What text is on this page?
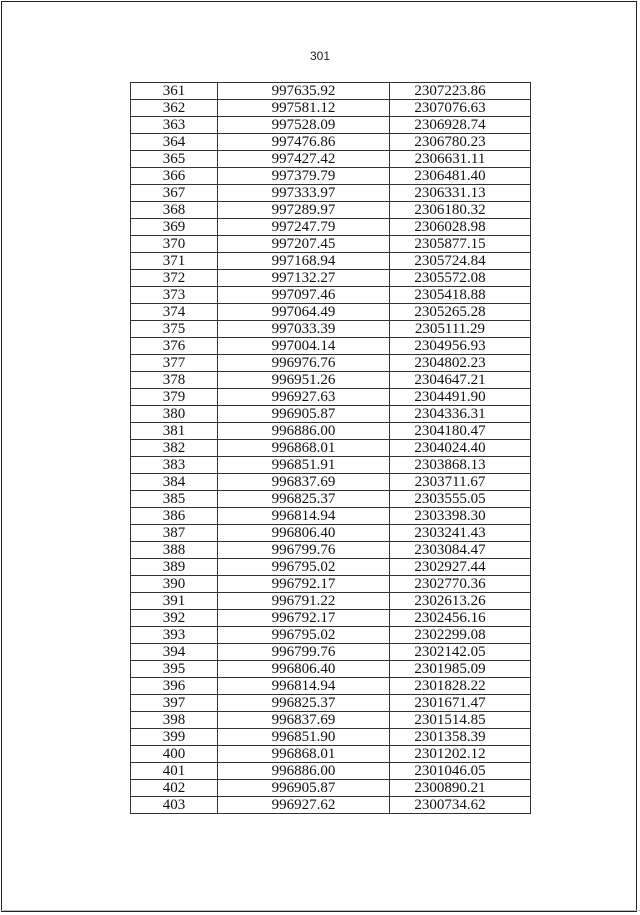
301
361	997635.92	2307223.86
362	997581.12	2307076.63
363	997528.09	2306928.74
364	997476.86	2306780.23
365	997427.42	2306631.11
366	997379.79	2306481.40
367	997333.97	2306331.13
368	997289.97	2306180.32
369	997247.79	2306028.98
370	997207.45	2305877.15
371	997168.94	2305724.84
372	997132.27	2305572.08
373	997097.46	2305418.88
374	997064.49	2305265.28
375	997033.39	2305111.29
376	997004.14	2304956.93
377	996976.76	2304802.23
378	996951.26	2304647.21
379	996927.63	2304491.90
380	996905.87	2304336.31
381	996886.00	2304180.47
382	996868.01	2304024.40
383	996851.91	2303868.13
384	996837.69	2303711.67
385	996825.37	2303555.05
386	996814.94	2303398.30
387	996806.40	2303241.43
388	996799.76	2303084.47
389	996795.02	2302927.44
390	996792.17	2302770.36
391	996791.22	2302613.26
392	996792.17	2302456.16
393	996795.02	2302299.08
394	996799.76	2302142.05
395	996806.40	2301985.09
396	996814.94	2301828.22
397	996825.37	2301671.47
398	996837.69	2301514.85
399	996851.90	2301358.39
400	996868.01	2301202.12
401	996886.00	2301046.05
402	996905.87	2300890.21
403	996927.62	2300734.62
